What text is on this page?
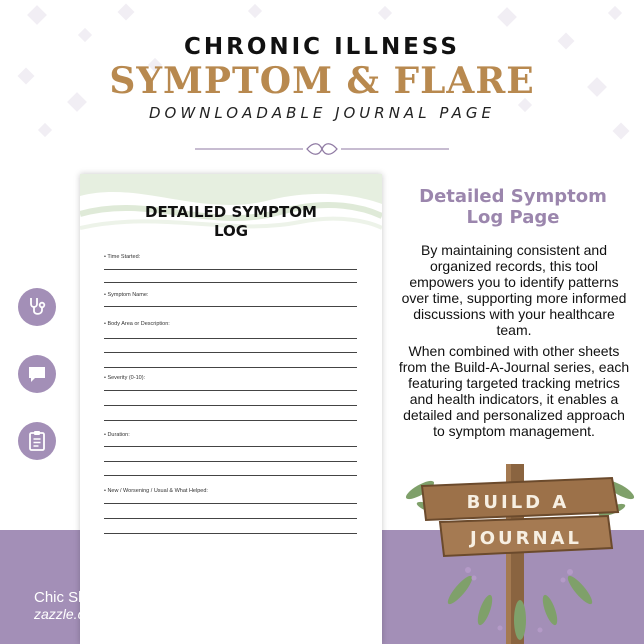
CHRONIC ILLNESS
SYMPTOM & FLARE
DOWNLOADABLE JOURNAL PAGE
DETAILED SYMPTOM
LOG
• Time Started:
• Symptom Name:
• Body Area or Description:
• Severity (0-10):
• Duration:
• New / Worsening / Usual & What Helped:
Detailed Symptom
Log Page
By maintaining consistent and organized records, this tool empowers you to identify patterns over time, supporting more informed discussions with your healthcare team.
When combined with other sheets from the Build-A-Journal series, each featuring targeted tracking metrics and health indicators, it enables a detailed and personalized approach to symptom management.
BUILD A
JOURNAL
Chic Sheets Paper Boutique
zazzle.com/chic_sheets
